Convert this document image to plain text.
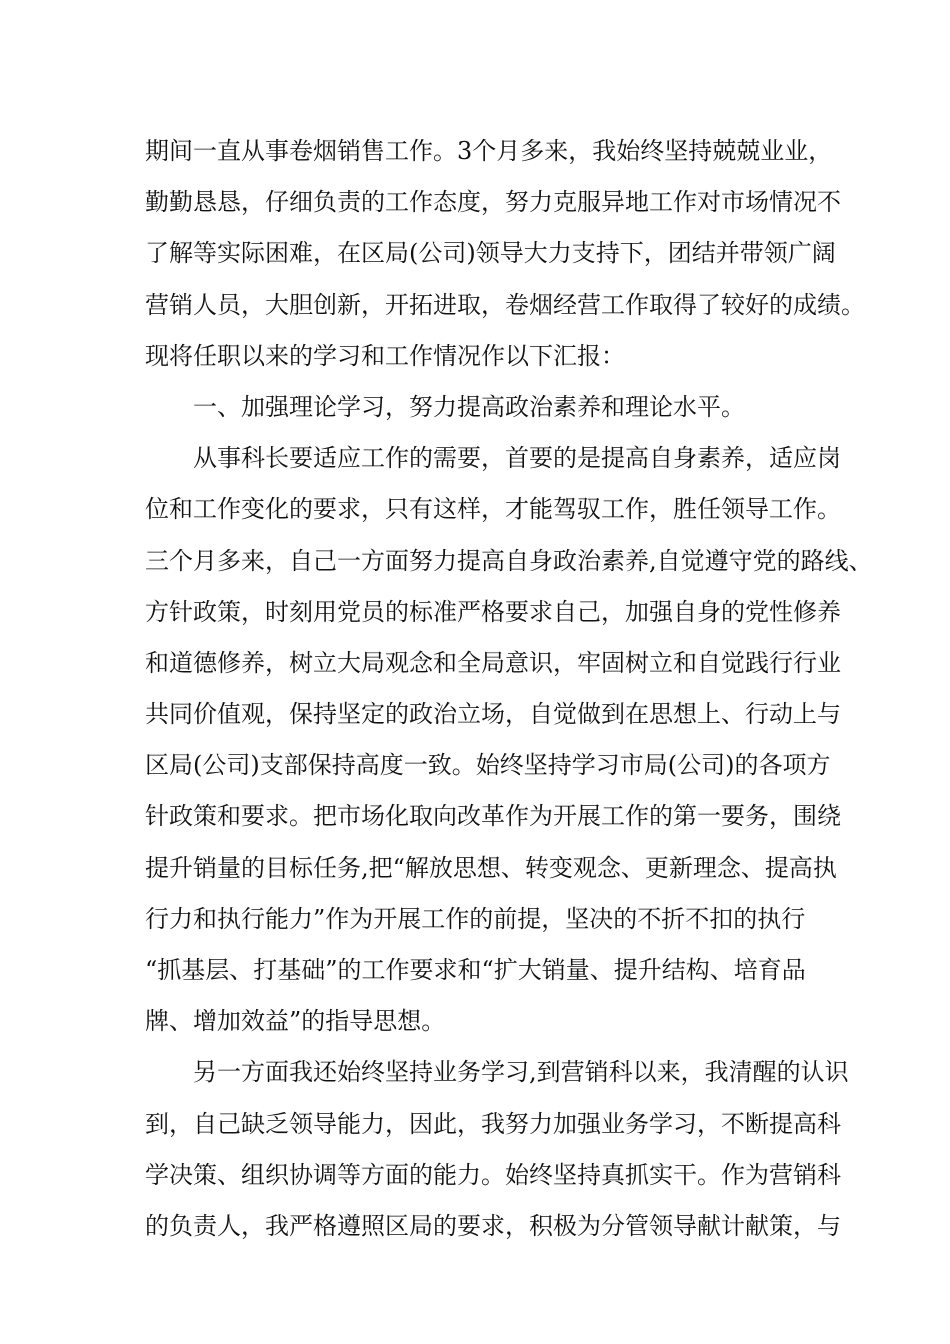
期间一直从事卷烟销售工作。3个月多来，我始终坚持兢兢业业，
勤勤恳恳，仔细负责的工作态度，努力克服异地工作对市场情况不
了解等实际困难，在区局(公司)领导大力支持下，团结并带领广阔
营销人员，大胆创新，开拓进取，卷烟经营工作取得了较好的成绩。
现将任职以来的学习和工作情况作以下汇报：
一、加强理论学习，努力提高政治素养和理论水平。
从事科长要适应工作的需要，首要的是提高自身素养，适应岗
位和工作变化的要求，只有这样，才能驾驭工作，胜任领导工作。
三个月多来，自己一方面努力提高自身政治素养,自觉遵守党的路线、
方针政策，时刻用党员的标准严格要求自己，加强自身的党性修养
和道德修养，树立大局观念和全局意识，牢固树立和自觉践行行业
共同价值观，保持坚定的政治立场，自觉做到在思想上、行动上与
区局(公司)支部保持高度一致。始终坚持学习市局(公司)的各项方
针政策和要求。把市场化取向改革作为开展工作的第一要务，围绕
提升销量的目标任务,把“解放思想、转变观念、更新理念、提高执
行力和执行能力”作为开展工作的前提，坚决的不折不扣的执行
“抓基层、打基础”的工作要求和“扩大销量、提升结构、培育品
牌、增加效益”的指导思想。
另一方面我还始终坚持业务学习,到营销科以来，我清醒的认识
到，自己缺乏领导能力，因此，我努力加强业务学习，不断提高科
学决策、组织协调等方面的能力。始终坚持真抓实干。作为营销科
的负责人，我严格遵照区局的要求，积极为分管领导献计献策，与
